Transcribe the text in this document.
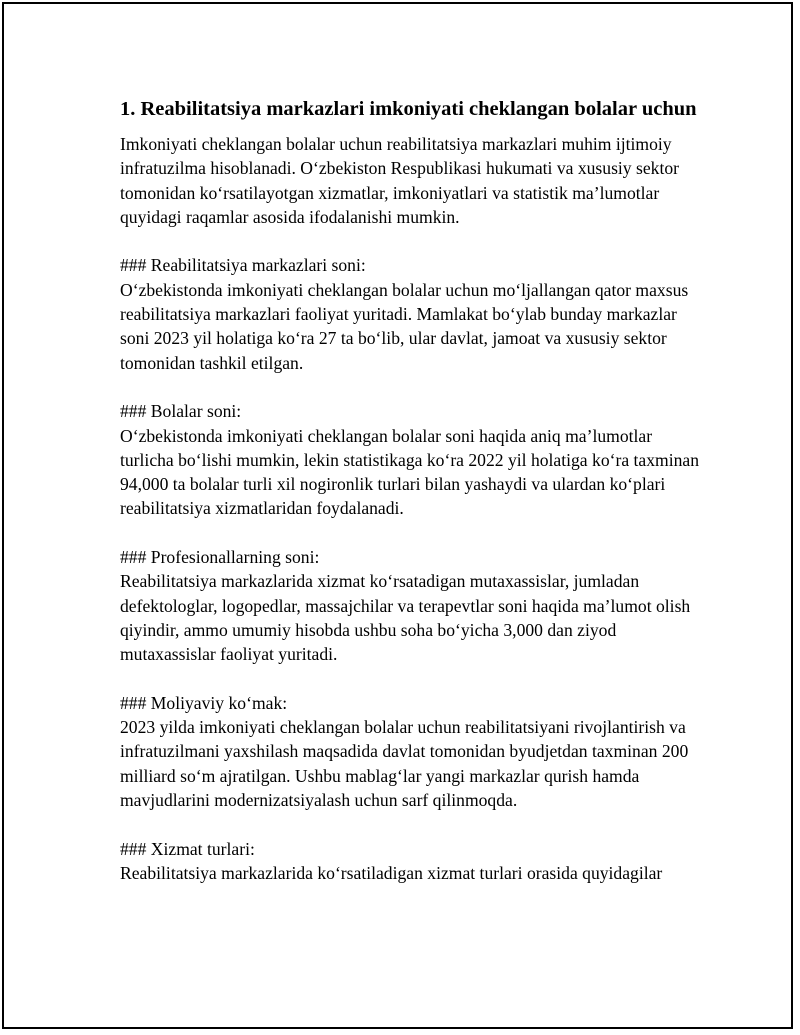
1. Reabilitatsiya markazlari imkoniyati cheklangan bolalar uchun

Imkoniyati cheklangan bolalar uchun reabilitatsiya markazlari muhim ijtimoiy infratuzilma hisoblanadi. O‘zbekiston Respublikasi hukumati va xususiy sektor tomonidan ko‘rsatilayotgan xizmatlar, imkoniyatlari va statistik ma’lumotlar quyidagi raqamlar asosida ifodalanishi mumkin.

### Reabilitatsiya markazlari soni:

O‘zbekistonda imkoniyati cheklangan bolalar uchun mo‘ljallangan qator maxsus reabilitatsiya markazlari faoliyat yuritadi. Mamlakat bo‘ylab bunday markazlar soni 2023 yil holatiga ko‘ra 27 ta bo‘lib, ular davlat, jamoat va xususiy sektor tomonidan tashkil etilgan.

### Bolalar soni:

O‘zbekistonda imkoniyati cheklangan bolalar soni haqida aniq ma’lumotlar turlicha bo‘lishi mumkin, lekin statistikaga ko‘ra 2022 yil holatiga ko‘ra taxminan 94,000 ta bolalar turli xil nogironlik turlari bilan yashaydi va ulardan ko‘plari reabilitatsiya xizmatlaridan foydalanadi.

### Profesionallarning soni:

Reabilitatsiya markazlarida xizmat ko‘rsatadigan mutaxassislar, jumladan defektologlar, logopedlar, massajchilar va terapevtlar soni haqida ma’lumot olish qiyindir, ammo umumiy hisobda ushbu soha bo‘yicha 3,000 dan ziyod mutaxassislar faoliyat yuritadi.

### Moliyaviy ko‘mak:

2023 yilda imkoniyati cheklangan bolalar uchun reabilitatsiyani rivojlantirish va infratuzilmani yaxshilash maqsadida davlat tomonidan byudjetdan taxminan 200 milliard so‘m ajratilgan. Ushbu mablag‘lar yangi markazlar qurish hamda mavjudlarini modernizatsiyalash uchun sarf qilinmoqda.

### Xizmat turlari:

Reabilitatsiya markazlarida ko‘rsatiladigan xizmat turlari orasida quyidagilar
